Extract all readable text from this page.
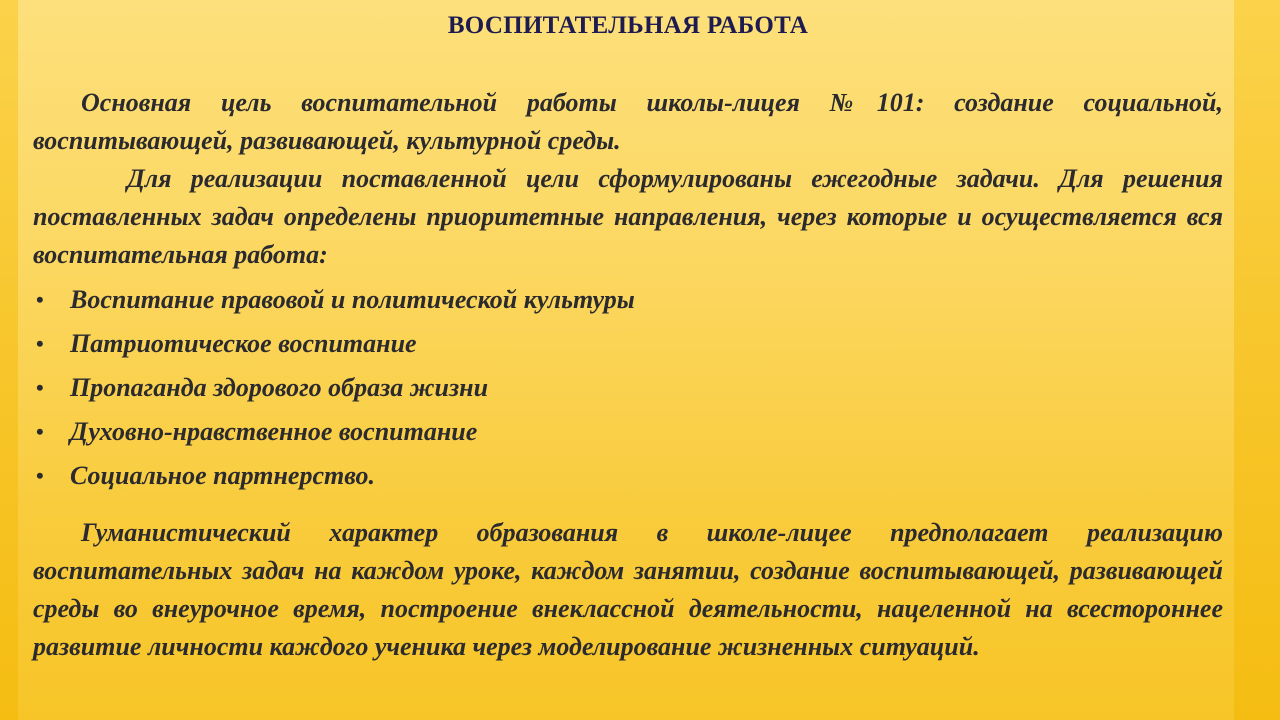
ВОСПИТАТЕЛЬНАЯ РАБОТА

Основная цель воспитательной работы школы-лицея №101: создание социальной, воспитывающей, развивающей, культурной среды.

Для реализации поставленной цели сформулированы ежегодные задачи. Для решения поставленных задач определены приоритетные направления, через которые и осуществляется вся воспитательная работа:

• Воспитание правовой и политической культуры
• Патриотическое воспитание
• Пропаганда здорового образа жизни
• Духовно-нравственное воспитание
• Социальное партнерство.

Гуманистический характер образования в школе-лицее предполагает реализацию воспитательных задач на каждом уроке, каждом занятии, создание воспитывающей, развивающей среды во внеурочное время, построение внеклассной деятельности, нацеленной на всестороннее развитие личности каждого ученика через моделирование жизненных ситуаций.
